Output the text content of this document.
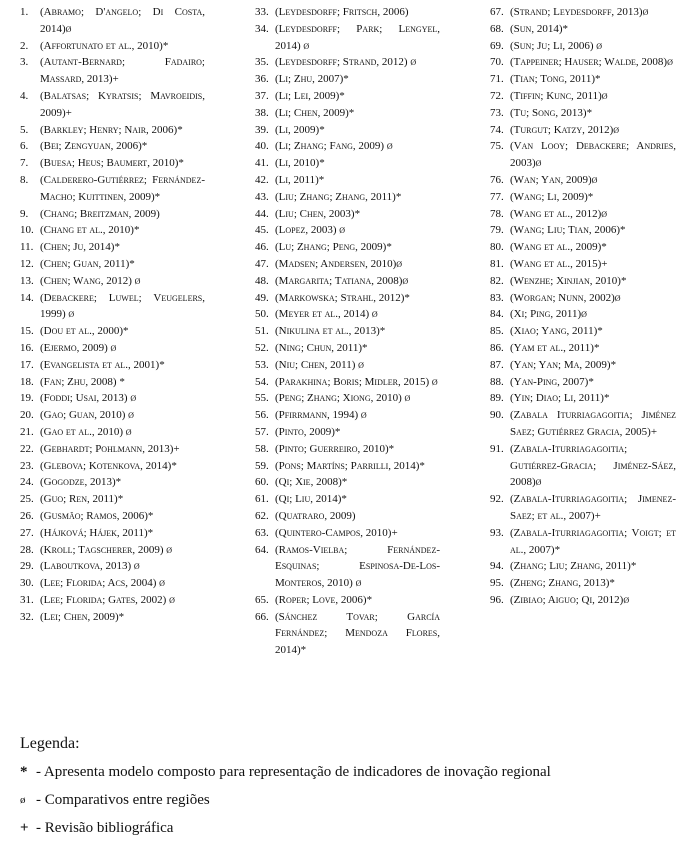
1.	(Abramo; D'angelo; Di Costa, 2014)ø
2.	(Affortunato et al., 2010)*
3.	(Autant-Bernard; Fadairo; Massard, 2013)+
4.	(Balatsas; Kyratsis; Mavroeidis, 2009)+
5.	(Barkley; Henry; Nair, 2006)*
6.	(Bei; Zengyuan, 2006)*
7.	(Buesa; Heus; Baumert, 2010)*
8.	(Calderero-Gutiérrez; Fernández-Macho; Kuittinen, 2009)*
9.	(Chang; Breitzman, 2009)
10. (Chang et al., 2010)*
11. (Chen; Ju, 2014)*
12. (Chen; Guan, 2011)*
13. (Chen; Wang, 2012) ø
14. (Debackere; Luwel; Veugelers, 1999) ø
15. (Dou et al., 2000)*
16. (Ejermo, 2009) ø
17. (Evangelista et al., 2001)*
18. (Fan; Zhu, 2008) *
19. (Foddi; Usai, 2013) ø
20. (Gao; Guan, 2010) ø
21. (Gao et al., 2010) ø
22. (Gebhardt; Pohlmann, 2013)+
23. (Glebova; Kotenkova, 2014)*
24. (Gogodze, 2013)*
25. (Guo; Ren, 2011)*
26. (Gusmão; Ramos, 2006)*
27. (Hájková; Hájek, 2011)*
28. (Kroll; Tagscherer, 2009) ø
29. (Laboutkova, 2013) ø
30. (Lee; Florida; Acs, 2004) ø
31. (Lee; Florida; Gates, 2002) ø
32. (Lei; Chen, 2009)*
33. (Leydesdorff; Fritsch, 2006)
34. (Leydesdorff; Park; Lengyel, 2014) ø
35. (Leydesdorff; Strand, 2012) ø
36. (Li; Zhu, 2007)*
37. (Li; Lei, 2009)*
38. (Li; Chen, 2009)*
39. (Li, 2009)*
40. (Li; Zhang; Fang, 2009) ø
41. (Li, 2010)*
42. (Li, 2011)*
43. (Liu; Zhang; Zhang, 2011)*
44. (Liu; Chen, 2003)*
45. (Lopez, 2003) ø
46. (Lu; Zhang; Peng, 2009)*
47. (Madsen; Andersen, 2010)ø
48. (Margarita; Tatiana, 2008)ø
49. (Markowska; Strahl, 2012)*
50. (Meyer et al., 2014) ø
51. (Nikulina et al., 2013)*
52. (Ning; Chun, 2011)*
53. (Niu; Chen, 2011) ø
54. (Parakhina; Boris; Midler, 2015) ø
55. (Peng; Zhang; Xiong, 2010) ø
56. (Pfirrmann, 1994) ø
57. (Pinto, 2009)*
58. (Pinto; Guerreiro, 2010)*
59. (Pons; Martíns; Parrilli, 2014)*
60. (Qi; Xie, 2008)*
61. (Qi; Liu, 2014)*
62. (Quatraro, 2009)
63. (Quintero-Campos, 2010)+
64. (Ramos-Vielba; Fernández-Esquinas; Espinosa-De-Los-Monteros, 2010) ø
65. (Roper; Love, 2006)*
66. (Sánchez Tovar; García Fernández; Mendoza Flores, 2014)*
67. (Strand; Leydesdorff, 2013)ø
68. (Sun, 2014)*
69. (Sun; Ju; Li, 2006) ø
70. (Tappeiner; Hauser; Walde, 2008)ø
71. (Tian; Tong, 2011)*
72. (Tiffin; Kunc, 2011)ø
73. (Tu; Song, 2013)*
74. (Turgut; Katzy, 2012)ø
75. (Van Looy; Debackere; Andries, 2003)ø
76. (Wan; Yan, 2009)ø
77. (Wang; Li, 2009)*
78. (Wang et al., 2012)ø
79. (Wang; Liu; Tian, 2006)*
80. (Wang et al., 2009)*
81. (Wang et al., 2015)+
82. (Wenzhe; Xinjian, 2010)*
83. (Worgan; Nunn, 2002)ø
84. (Xi; Ping, 2011)ø
85. (Xiao; Yang, 2011)*
86. (Yam et al., 2011)*
87. (Yan; Yan; Ma, 2009)*
88. (Yan-Ping, 2007)*
89. (Yin; Diao; Li, 2011)*
90. (Zabala Iturriagagoitia; Jiménez Saez; Gutiérrez Gracia, 2005)+
91. (Zabala-Iturriagagoitia; Gutiérrez-Gracia; Jiménez-Sáez, 2008)ø
92. (Zabala-Iturriagagoitia; Jimenez-Saez; et al., 2007)+
93. (Zabala-Iturriagagoitia; Voigt; et al., 2007)*
94. (Zhang; Liu; Zhang, 2011)*
95. (Zheng; Zhang, 2013)*
96. (Zibiao; Aiguo; Qi, 2012)ø
Legenda:
* - Apresenta modelo composto para representação de indicadores de inovação regional
ø - Comparativos entre regiões
+ - Revisão bibliográfica
